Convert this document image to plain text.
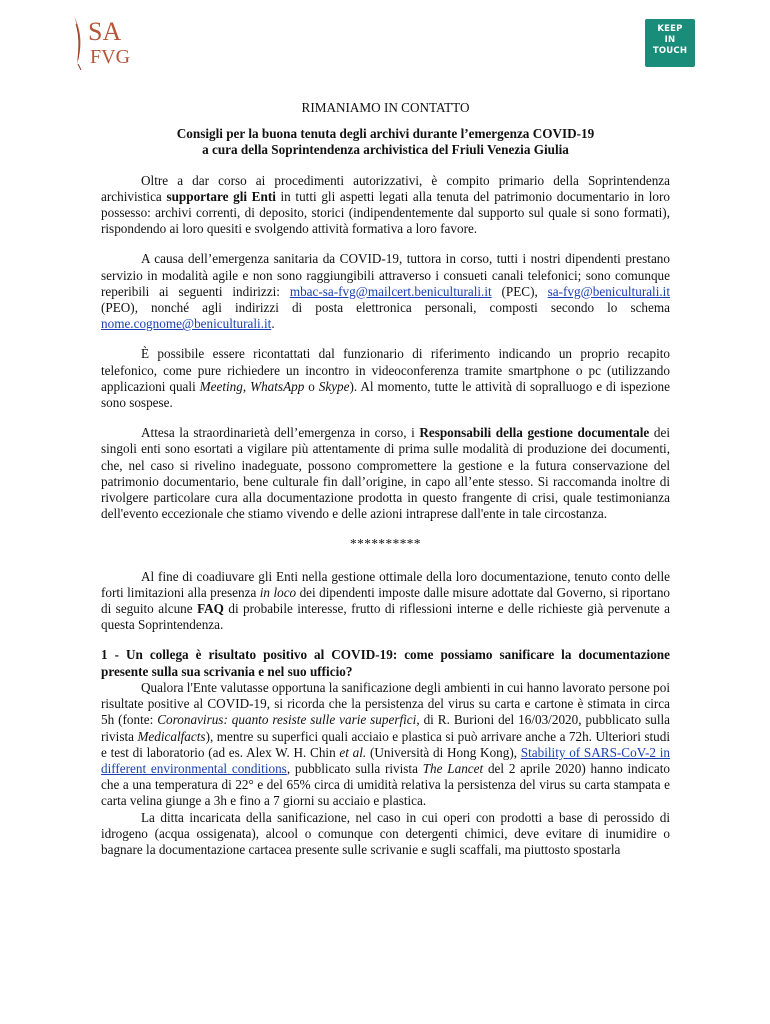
SA
FVG
KEEP
IN
TOUCH

RIMANIAMO IN CONTATTO

Consigli per la buona tenuta degli archivi durante l’emergenza COVID-19

a cura della Soprintendenza archivistica del Friuli Venezia Giulia

Oltre a dar corso ai procedimenti autorizzativi, è compito primario della Soprintendenza archivistica supportare gli Enti in tutti gli aspetti legati alla tenuta del patrimonio documentario in loro possesso: archivi correnti, di deposito, storici (indipendentemente dal supporto sul quale si sono formati), rispondendo ai loro quesiti e svolgendo attività formativa a loro favore.

A causa dell’emergenza sanitaria da COVID-19, tuttora in corso, tutti i nostri dipendenti prestano servizio in modalità agile e non sono raggiungibili attraverso i consueti canali telefonici; sono comunque reperibili ai seguenti indirizzi: mbac-sa-fvg@mailcert.beniculturali.it (PEC), sa-fvg@beniculturali.it (PEO), nonché agli indirizzi di posta elettronica personali, composti secondo lo schema nome.cognome@beniculturali.it.

È possibile essere ricontattati dal funzionario di riferimento indicando un proprio recapito telefonico, come pure richiedere un incontro in videoconferenza tramite smartphone o pc (utilizzando applicazioni quali Meeting, WhatsApp o Skype). Al momento, tutte le attività di sopralluogo e di ispezione sono sospese.

Attesa la straordinarietà dell’emergenza in corso, i Responsabili della gestione documentale dei singoli enti sono esortati a vigilare più attentamente di prima sulle modalità di produzione dei documenti, che, nel caso si rivelino inadeguate, possono compromettere la gestione e la futura conservazione del patrimonio documentario, bene culturale fin dall’origine, in capo all’ente stesso. Si raccomanda inoltre di rivolgere particolare cura alla documentazione prodotta in questo frangente di crisi, quale testimonianza dell'evento eccezionale che stiamo vivendo e delle azioni intraprese dall'ente in tale circostanza.

**********

Al fine di coadiuvare gli Enti nella gestione ottimale della loro documentazione, tenuto conto delle forti limitazioni alla presenza in loco dei dipendenti imposte dalle misure adottate dal Governo, si riportano di seguito alcune FAQ di probabile interesse, frutto di riflessioni interne e delle richieste già pervenute a questa Soprintendenza.

1 - Un collega è risultato positivo al COVID-19: come possiamo sanificare la documentazione presente sulla sua scrivania e nel suo ufficio?

Qualora l'Ente valutasse opportuna la sanificazione degli ambienti in cui hanno lavorato persone poi risultate positive al COVID-19, si ricorda che la persistenza del virus su carta e cartone è stimata in circa 5h (fonte: Coronavirus: quanto resiste sulle varie superfici, di R. Burioni del 16/03/2020, pubblicato sulla rivista Medicalfacts), mentre su superfici quali acciaio e plastica si può arrivare anche a 72h. Ulteriori studi e test di laboratorio (ad es. Alex W. H. Chin et al. (Università di Hong Kong), Stability of SARS-CoV-2 in different environmental conditions, pubblicato sulla rivista The Lancet del 2 aprile 2020) hanno indicato che a una temperatura di 22° e del 65% circa di umidità relativa la persistenza del virus su carta stampata e carta velina giunge a 3h e fino a 7 giorni su acciaio e plastica.

La ditta incaricata della sanificazione, nel caso in cui operi con prodotti a base di perossido di idrogeno (acqua ossigenata), alcool o comunque con detergenti chimici, deve evitare di inumidire o bagnare la documentazione cartacea presente sulle scrivanie e sugli scaffali, ma piuttosto spostarla
